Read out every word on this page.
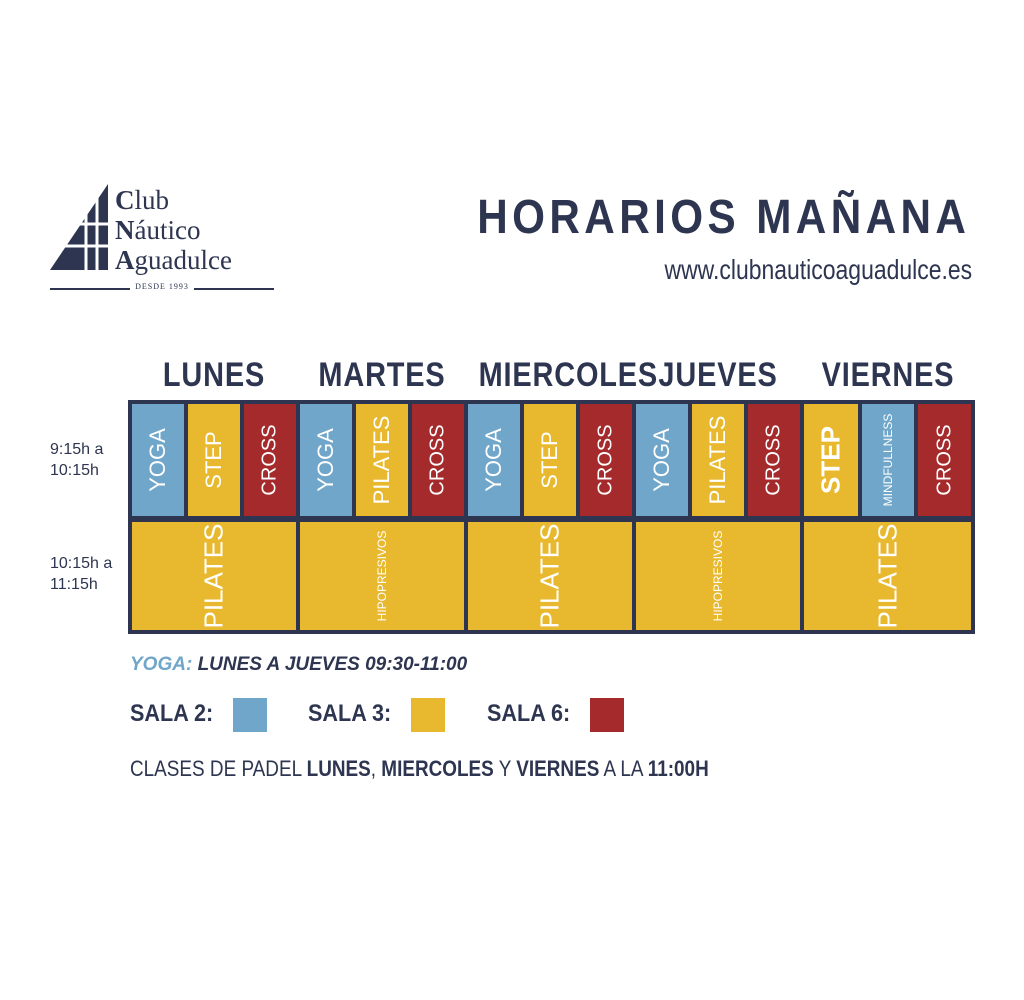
Club
Náutico
Aguadulce
DESDE 1993
HORARIOS MAÑANA
www.clubnauticoaguadulce.es
LUNES	MARTES MIERCOLES JUEVES	VIERNES
9:15h a
10:15h
10:15h a
11:15h
YOGA STEP CROSS YOGA PILATES CROSS YOGA STEP CROSS YOGA PILATES CROSS STEP	MINDFULLNESS CROSS
PILATES	HIPOPRESIVOS	PILATES	HIPOPRESIVOS	PILATES
YOGA: LUNES A JUEVES 09:30-11:00
SALA 2:	SALA 3:	SALA 6:
CLASES DE PADEL LUNES, MIERCOLES Y VIERNES A LA 11:00H
